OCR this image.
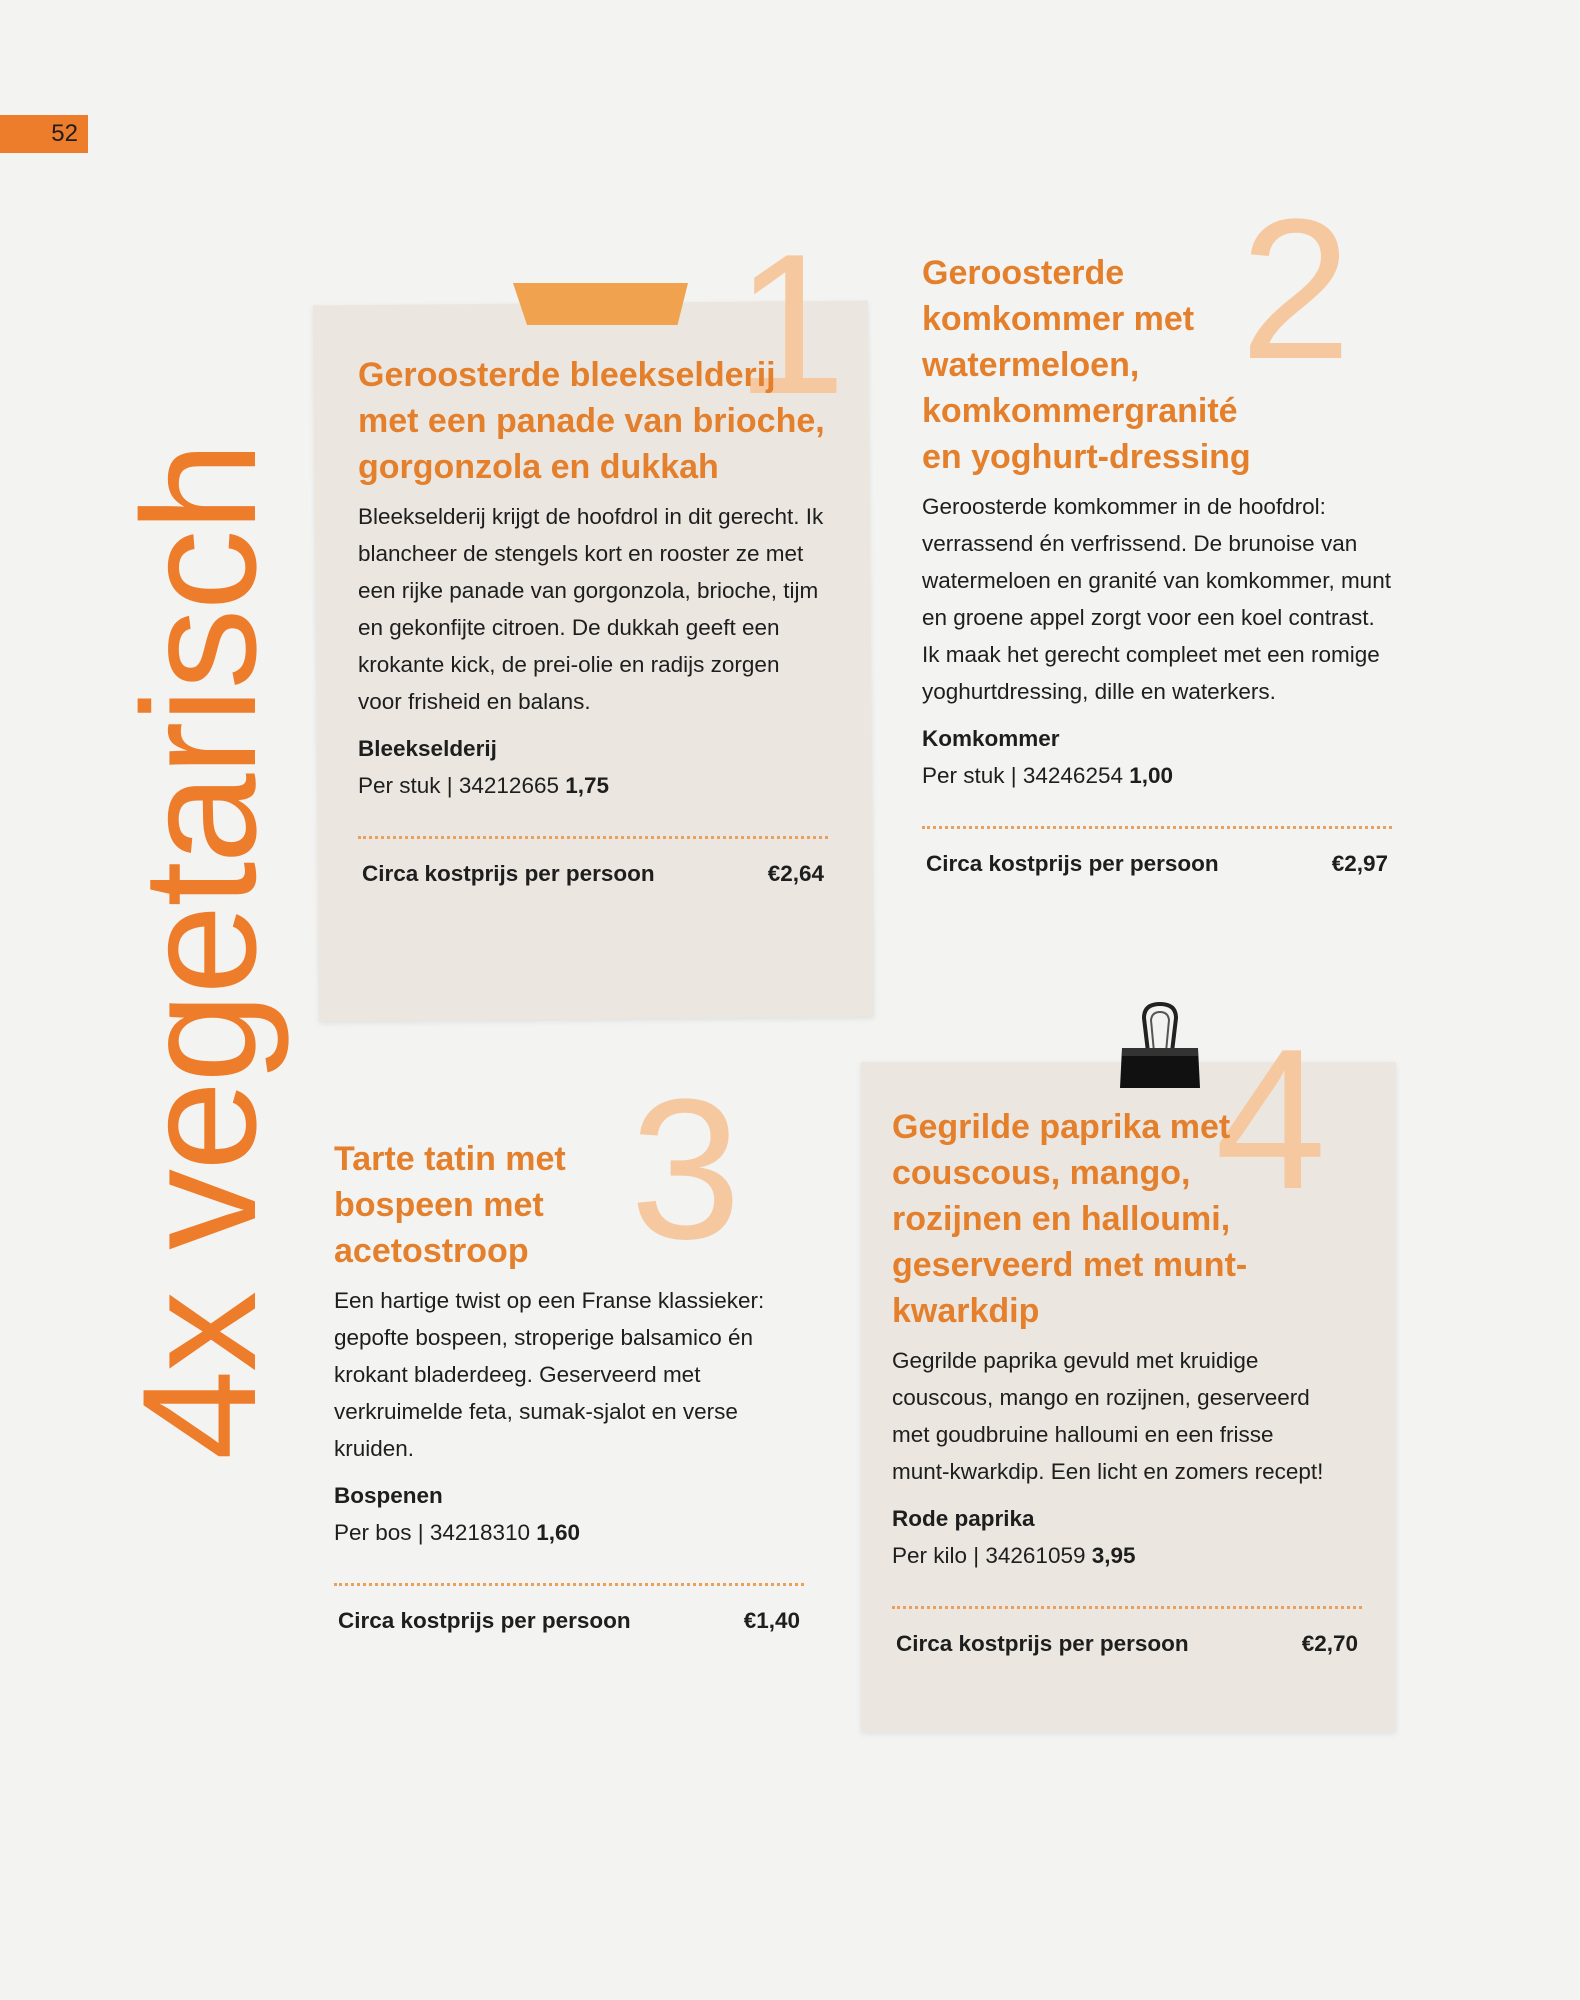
52
4x vegetarisch
1
Geroosterde bleekselderij met een panade van brioche, gorgonzola en dukkah

Bleekselderij krijgt de hoofdrol in dit gerecht. Ik blancheer de stengels kort en rooster ze met een rijke panade van gorgonzola, brioche, tijm en gekonfijte citroen. De dukkah geeft een krokante kick, de prei-olie en radijs zorgen voor frisheid en balans.

Bleekselderij
Per stuk | 34212665 1,75
Circa kostprijs per persoon	€2,64
2
Geroosterde komkommer met watermeloen, komkommergranité en yoghurt-dressing

Geroosterde komkommer in de hoofdrol: verrassend én verfrissend. De brunoise van watermeloen en granité van komkommer, munt en groene appel zorgt voor een koel contrast. Ik maak het gerecht compleet met een romige yoghurtdressing, dille en waterkers.

Komkommer
Per stuk | 34246254 1,00
Circa kostprijs per persoon	€2,97
3
Tarte tatin met bospeen met acetostroop

Een hartige twist op een Franse klassieker: gepofte bospeen, stroperige balsamico én krokant bladerdeeg. Geserveerd met verkruimelde feta, sumak-sjalot en verse kruiden.

Bospenen
Per bos | 34218310 1,60
Circa kostprijs per persoon	€1,40
4
Gegrilde paprika met couscous, mango, rozijnen en halloumi, geserveerd met munt-kwarkdip

Gegrilde paprika gevuld met kruidige couscous, mango en rozijnen, geserveerd met goudbruine halloumi en een frisse munt-kwarkdip. Een licht en zomers recept!

Rode paprika
Per kilo | 34261059 3,95
Circa kostprijs per persoon	€2,70
